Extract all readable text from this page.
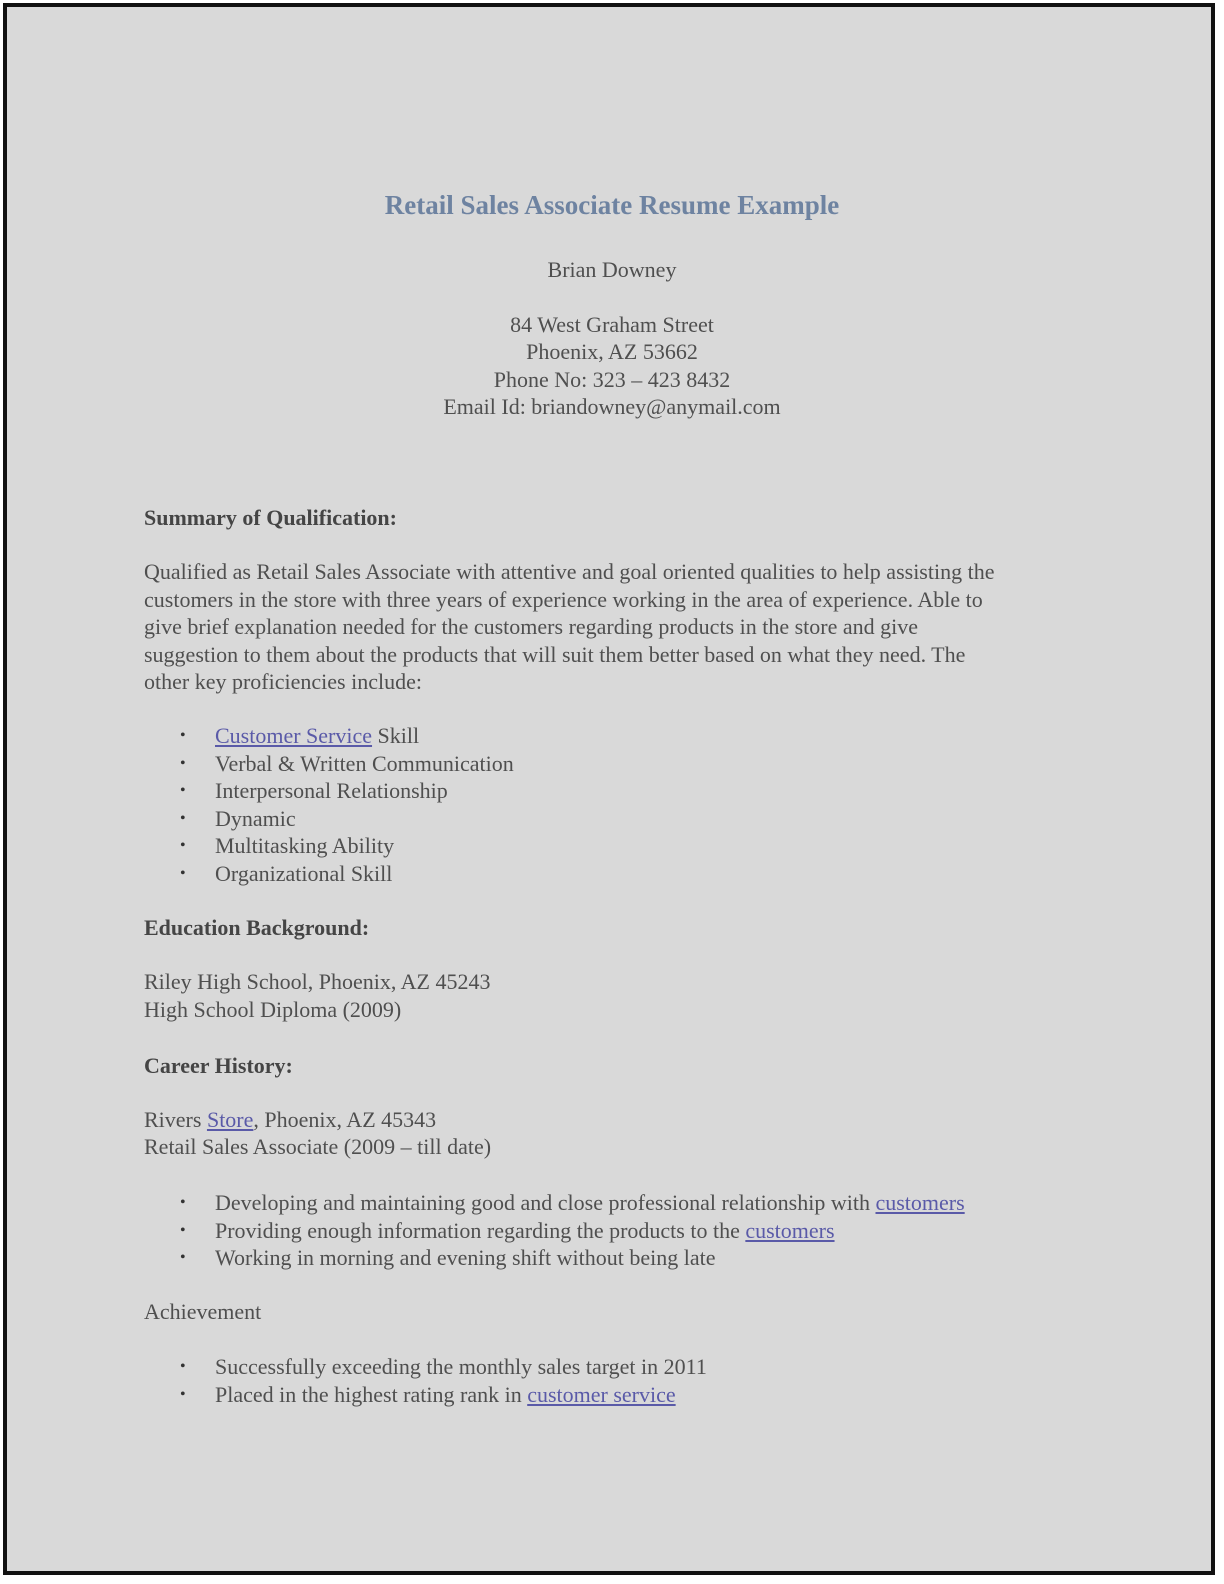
Retail Sales Associate Resume Example
Brian Downey
84 West Graham Street
Phoenix, AZ 53662
Phone No: 323 – 423 8432
Email Id: briandowney@anymail.com
Summary of Qualification:
Qualified as Retail Sales Associate with attentive and goal oriented qualities to help assisting the
customers in the store with three years of experience working in the area of experience. Able to
give brief explanation needed for the customers regarding products in the store and give
suggestion to them about the products that will suit them better based on what they need. The
other key proficiencies include:
• Customer Service Skill
• Verbal & Written Communication
• Interpersonal Relationship
• Dynamic
• Multitasking Ability
• Organizational Skill
Education Background:
Riley High School, Phoenix, AZ 45243
High School Diploma (2009)
Career History:
Rivers Store, Phoenix, AZ 45343
Retail Sales Associate (2009 – till date)
• Developing and maintaining good and close professional relationship with customers
• Providing enough information regarding the products to the customers
• Working in morning and evening shift without being late
Achievement
• Successfully exceeding the monthly sales target in 2011
• Placed in the highest rating rank in customer service
